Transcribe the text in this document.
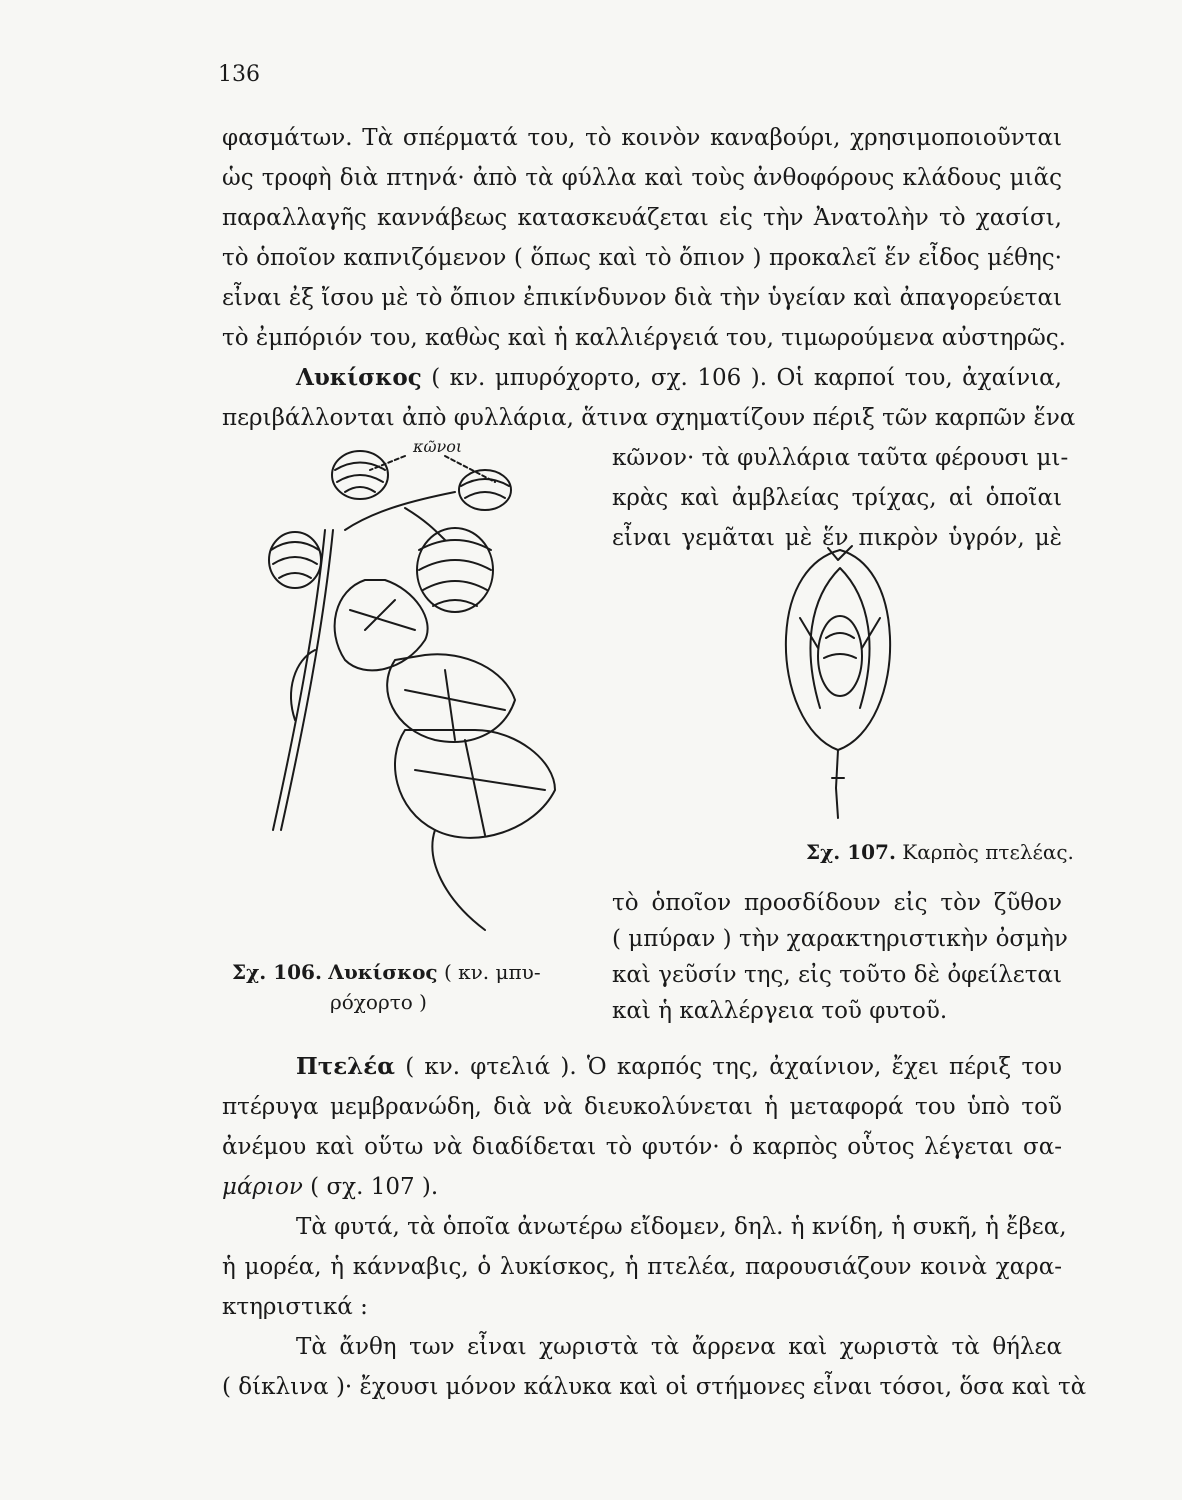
136
φασμάτων. Τὰ σπέρματά του, τὸ κοινὸν καναβούρι, χρησιμοποιοῦνται
ὡς τροφὴ διὰ πτηνά· ἀπὸ τὰ φύλλα καὶ τοὺς ἀνθοφόρους κλάδους μιᾶς
παραλλαγῆς καννάβεως κατασκευάζεται εἰς τὴν Ἀνατολὴν τὸ χασίσι,
τὸ ὁποῖον καπνιζόμενον ( ὅπως καὶ τὸ ὄπιον ) προκαλεῖ ἕν εἶδος μέθης·
εἶναι ἐξ ἴσου μὲ τὸ ὄπιον ἐπικίνδυνον διὰ τὴν ὑγείαν καὶ ἀπαγορεύεται
τὸ ἐμπόριόν του, καθὼς καὶ ἡ καλλιέργειά του, τιμωρούμενα αὐστηρῶς.
Λυκίσκος ( κν. μπυρόχορτο, σχ. 106 ). Οἱ καρποί του, ἀχαίνια,
περιβάλλονται ἀπὸ φυλλάρια, ἅτινα σχηματίζουν πέριξ τῶν καρπῶν ἕνα
κῶνον· τὰ φυλλάρια ταῦτα φέρουσι μι-
κρὰς καὶ ἀμβλείας τρίχας, αἱ ὁποῖαι
εἶναι γεμᾶται μὲ ἕν πικρὸν ὑγρόν, μὲ
κῶνοι
Σχ. 107. Καρπὸς πτελέας.
τὸ ὁποῖον προσδίδουν εἰς τὸν ζῦθον
( μπύραν ) τὴν χαρακτηριστικὴν ὀσμὴν
καὶ γεῦσίν της, εἰς τοῦτο δὲ ὀφείλεται
καὶ ἡ καλλέργεια τοῦ φυτοῦ.
Σχ. 106. Λυκίσκος ( κν. μπυ-
ρόχορτο )
Πτελέα ( κν. φτελιά ). Ὁ καρπός της, ἀχαίνιον, ἔχει πέριξ του
πτέρυγα μεμβρανώδη, διὰ νὰ διευκολύνεται ἡ μεταφορά του ὑπὸ τοῦ
ἀνέμου καὶ οὕτω νὰ διαδίδεται τὸ φυτόν· ὁ καρπὸς οὗτος λέγεται σα-
μάριον ( σχ. 107 ).
Τὰ φυτά, τὰ ὁποῖα ἀνωτέρω εἴδομεν, δηλ. ἡ κνίδη, ἡ συκῆ, ἡ ἔβεα,
ἡ μορέα, ἡ κάνναβις, ὁ λυκίσκος, ἡ πτελέα, παρουσιάζουν κοινὰ χαρα-
κτηριστικά :
Τὰ ἄνθη των εἶναι χωριστὰ τὰ ἄρρενα καὶ χωριστὰ τὰ θήλεα
( δίκλινα )· ἔχουσι μόνον κάλυκα καὶ οἱ στήμονες εἶναι τόσοι, ὅσα καὶ τὰ
